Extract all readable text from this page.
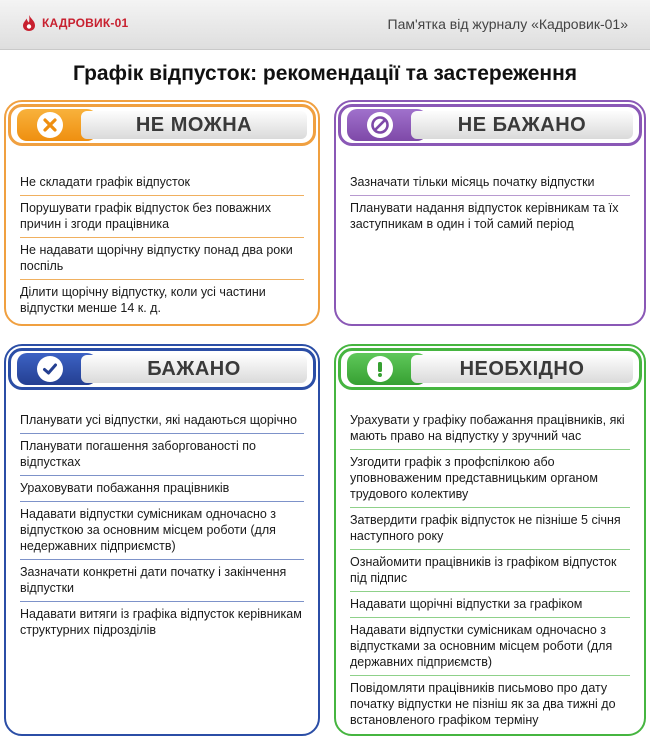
КАДРОВИК-01	Пам'ятка від журналу «Кадровик-01»
Графік відпусток: рекомендації та застереження
НЕ МОЖНА
Не складати графік відпусток
Порушувати графік відпусток без поважних причин і згоди працівника
Не надавати щорічну відпустку понад два роки поспіль
Ділити щорічну відпустку, коли усі частини відпустки менше 14 к. д.
НЕ БАЖАНО
Зазначати тільки місяць початку відпустки
Планувати надання відпусток керівникам та їх заступникам в один і той самий період
БАЖАНО
Планувати усі відпустки, які надаються щорічно
Планувати погашення заборгованості по відпустках
Ураховувати побажання працівників
Надавати відпустки сумісникам одночасно з відпусткою за основним місцем роботи (для недержавних підприємств)
Зазначати конкретні дати початку і закінчення відпустки
Надавати витяги із графіка відпусток керівникам структурних підрозділів
НЕОБХІДНО
Урахувати у графіку побажання працівників, які мають право на відпустку у зручний час
Узгодити графік з профспілкою або уповноваженим представницьким органом трудового колективу
Затвердити графік відпусток не пізніше 5 січня наступного року
Ознайомити працівників із графіком відпусток під підпис
Надавати щорічні відпустки за графіком
Надавати відпустки сумісникам одночасно з відпустками за основним місцем роботи (для державних підприємств)
Повідомляти працівників письмово про дату початку відпустки не пізніш як за два тижні до встановленого графіком терміну
